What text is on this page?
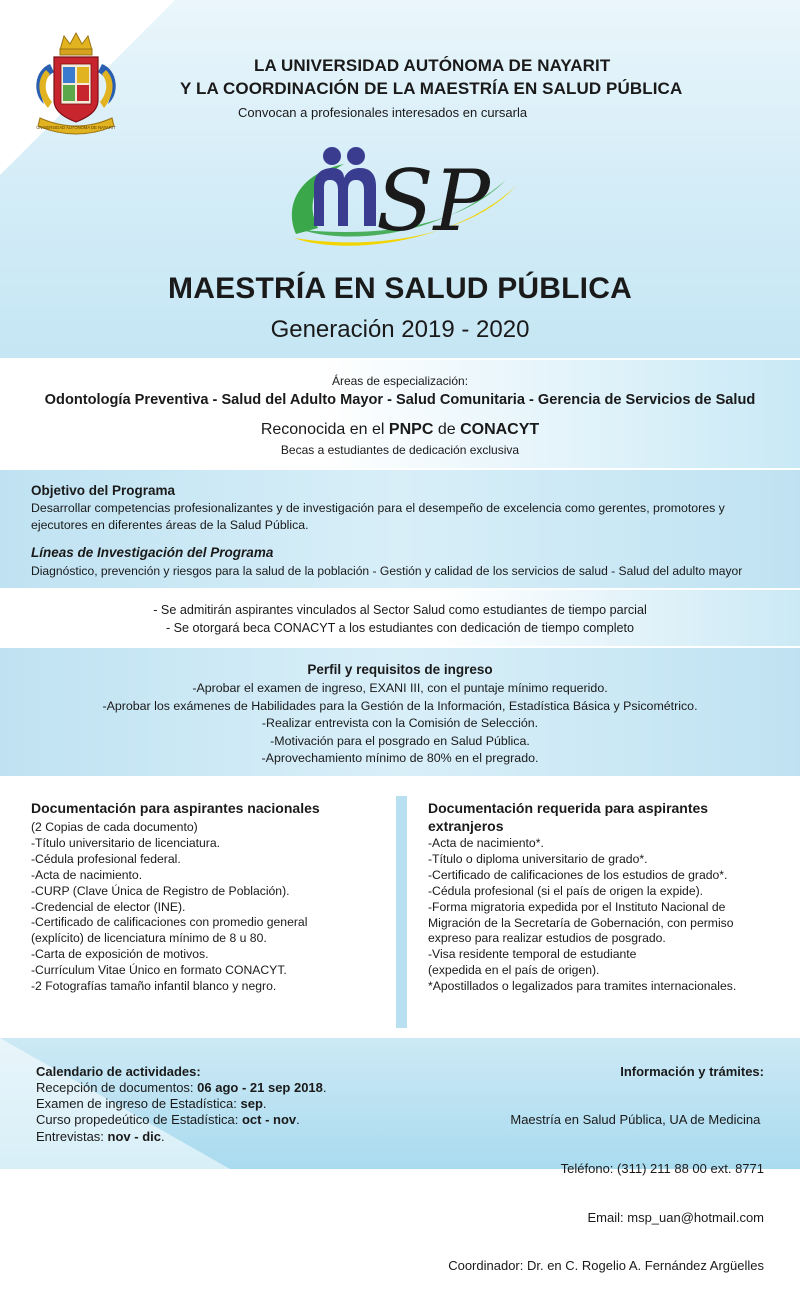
UNIVERSIDAD AUTÓNOMA DE NAYARIT
LA UNIVERSIDAD AUTÓNOMA DE NAYARIT
Y LA COORDINACIÓN DE LA MAESTRÍA EN SALUD PÚBLICA
Convocan a profesionales interesados en cursarla
SP
MAESTRÍA EN SALUD PÚBLICA
Generación 2019 - 2020
Áreas de especialización:
Odontología Preventiva - Salud del Adulto Mayor - Salud Comunitaria - Gerencia de Servicios de Salud
Reconocida en el PNPC de CONACYT
Becas a estudiantes de dedicación exclusiva
Objetivo del Programa
Desarrollar competencias profesionalizantes y de investigación para el desempeño de excelencia como gerentes, promotores y
ejecutores en diferentes áreas de la Salud Pública.
Líneas de Investigación del Programa
Diagnóstico, prevención y riesgos para la salud de la población - Gestión y calidad de los servicios de salud - Salud del adulto mayor
- Se admitirán aspirantes vinculados al Sector Salud como estudiantes de tiempo parcial
- Se otorgará beca CONACYT a los estudiantes con dedicación de tiempo completo
Perfil y requisitos de ingreso
-Aprobar el examen de ingreso, EXANI III, con el puntaje mínimo requerido.
-Aprobar los exámenes de Habilidades para la Gestión de la Información, Estadística Básica y Psicométrico.
-Realizar entrevista con la Comisión de Selección.
-Motivación para el posgrado en Salud Pública.
-Aprovechamiento mínimo de 80% en el pregrado.
Documentación para aspirantes nacionales
(2 Copias de cada documento)
-Título universitario de licenciatura.
-Cédula profesional federal.
-Acta de nacimiento.
-CURP (Clave Única de Registro de Población).
-Credencial de elector (INE).
-Certificado de calificaciones con promedio general
(explícito) de licenciatura mínimo de 8 u 80.
-Carta de exposición de motivos.
-Currículum Vitae Único en formato CONACYT.
-2 Fotografías tamaño infantil blanco y negro.
Documentación requerida para aspirantes
extranjeros
-Acta de nacimiento*.
-Título o diploma universitario de grado*.
-Certificado de calificaciones de los estudios de grado*.
-Cédula profesional (si el país de origen la expide).
-Forma migratoria expedida por el Instituto Nacional de
Migración de la Secretaría de Gobernación, con permiso
expreso para realizar estudios de posgrado.
-Visa residente temporal de estudiante
(expedida en el país de origen).
*Apostillados o legalizados para tramites internacionales.
Calendario de actividades:
Recepción de documentos: 06 ago - 21 sep 2018.
Examen de ingreso de Estadística: sep.
Curso propedeútico de Estadística: oct - nov.
Entrevistas: nov - dic.
Información y trámites:

Maestría en Salud Pública, UA de Medicina

Teléfono: (311) 211 88 00 ext. 8771

Email: msp_uan@hotmail.com

Coordinador: Dr. en C. Rogelio A. Fernández Argüelles
